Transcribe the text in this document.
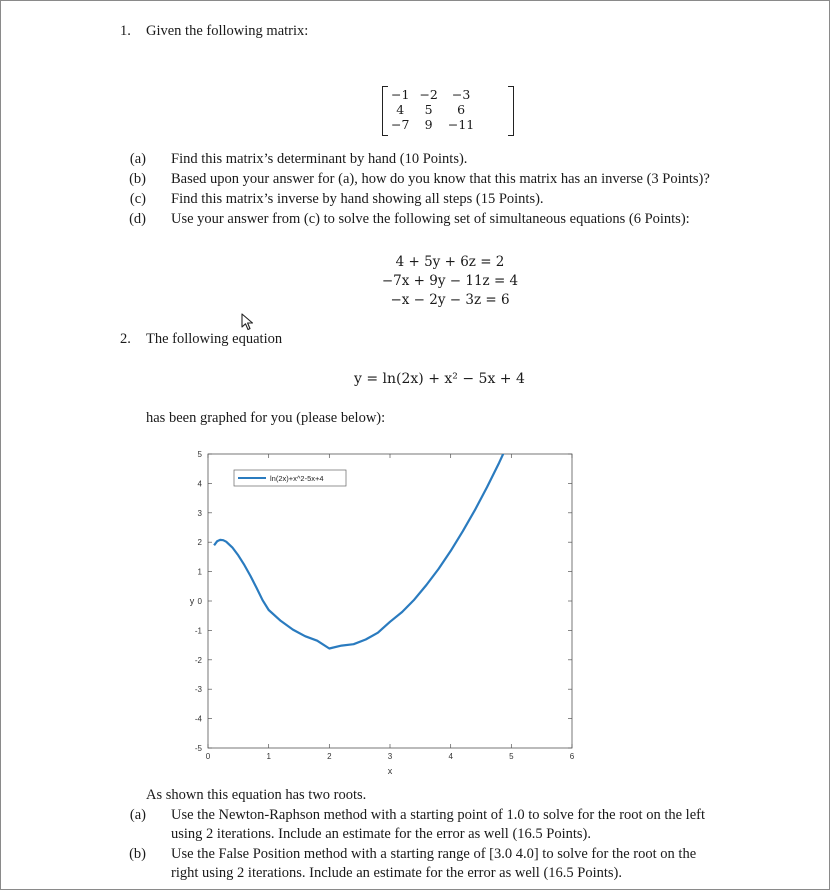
1. Given the following matrix:
−1	−2	−3
4	5	6
−7	9	−11
(a) Find this matrix’s determinant by hand (10 Points).
(b) Based upon your answer for (a), how do you know that this matrix has an inverse (3 Points)?
(c) Find this matrix’s inverse by hand showing all steps (15 Points).
(d) Use your answer from (c) to solve the following set of simultaneous equations (6 Points):
4 + 5y + 6z = 2
−7x + 9y − 11z = 4
−x − 2y − 3z = 6
2. The following equation
y = ln(2x) + x² − 5x + 4
has been graphed for you (please below):
0	1	2	3	4	5	6
5
4
3
2
1
0
-1
-2
-3
-4
-5
x
y
ln(2x)+x^2-5x+4
As shown this equation has two roots.
(a) Use the Newton-Raphson method with a starting point of 1.0 to solve for the root on the left
using 2 iterations. Include an estimate for the error as well (16.5 Points).
(b) Use the False Position method with a starting range of [3.0 4.0] to solve for the root on the
right using 2 iterations. Include an estimate for the error as well (16.5 Points).
